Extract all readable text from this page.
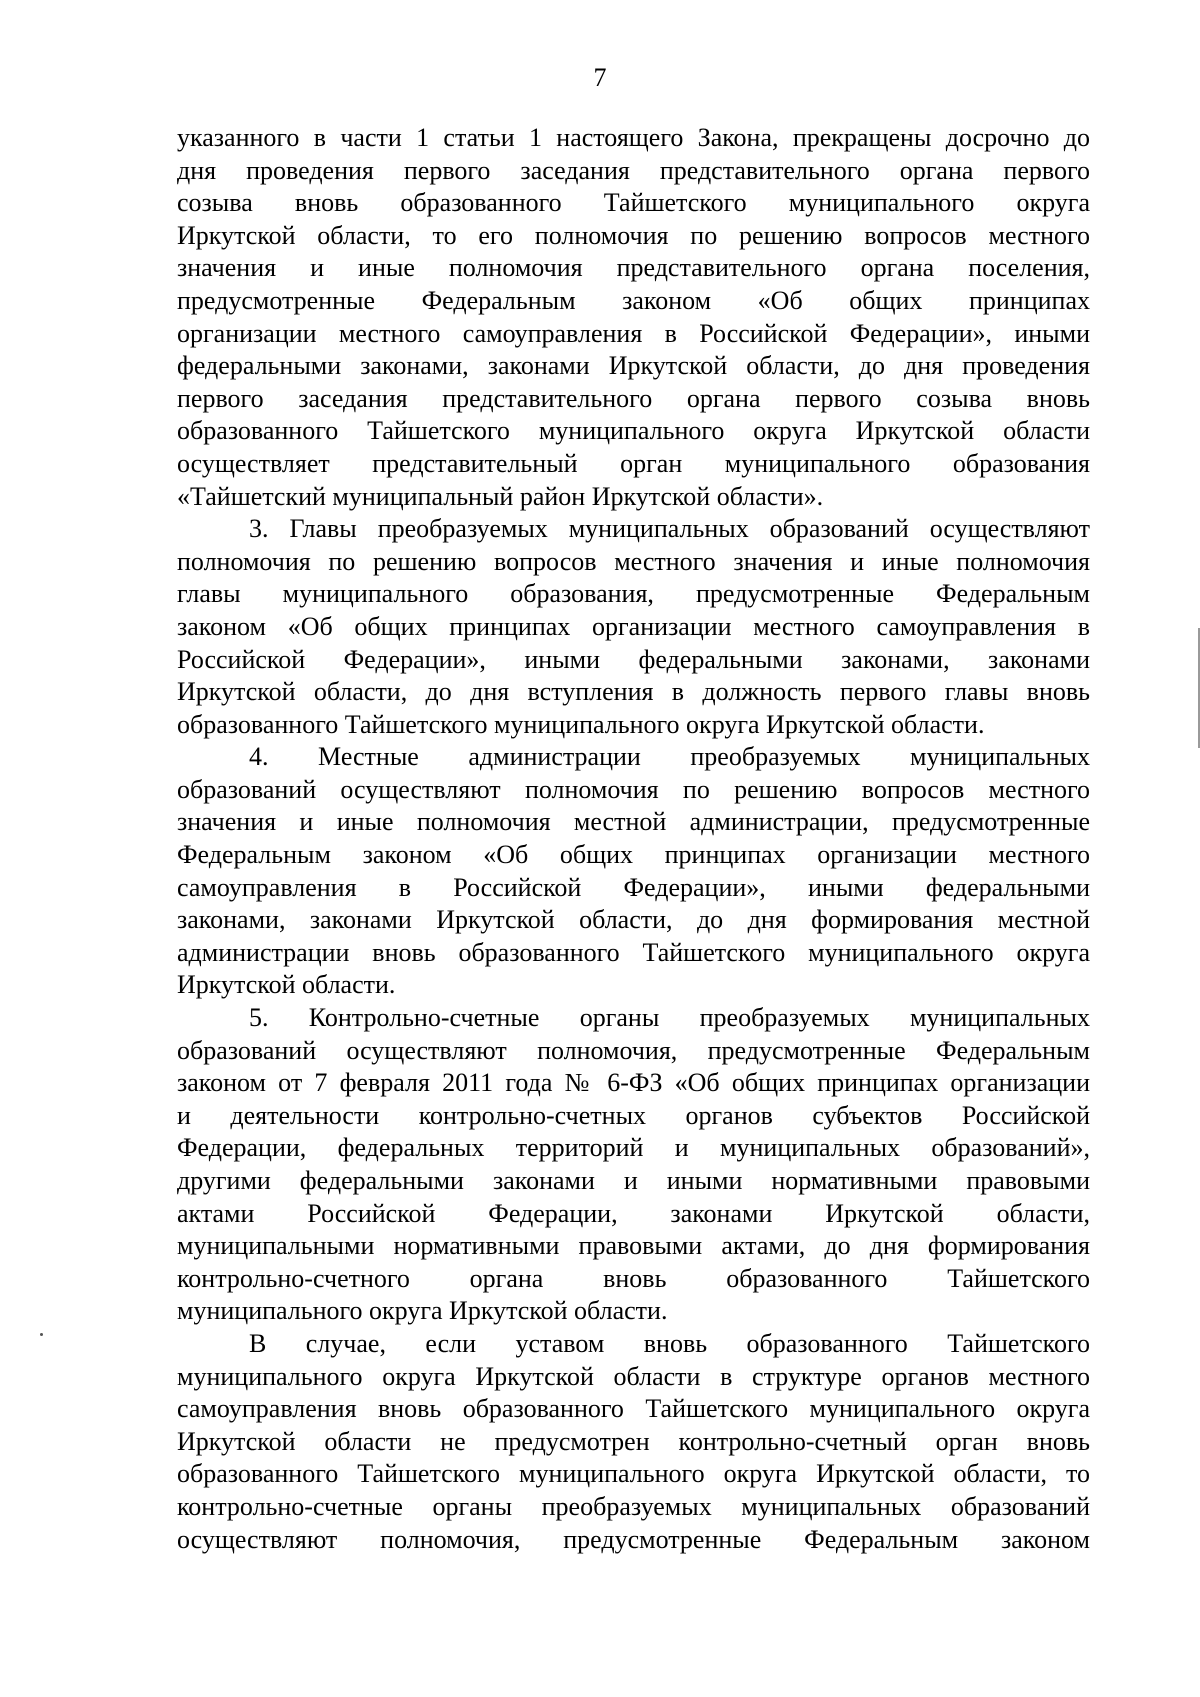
7
указанного в части 1 статьи 1 настоящего Закона, прекращены досрочно до
дня проведения первого заседания представительного органа первого
созыва вновь образованного Тайшетского муниципального округа
Иркутской области, то его полномочия по решению вопросов местного
значения и иные полномочия представительного органа поселения,
предусмотренные Федеральным законом «Об общих принципах
организации местного самоуправления в Российской Федерации», иными
федеральными законами, законами Иркутской области, до дня проведения
первого заседания представительного органа первого созыва вновь
образованного Тайшетского муниципального округа Иркутской области
осуществляет представительный орган муниципального образования
«Тайшетский муниципальный район Иркутской области».
3. Главы преобразуемых муниципальных образований осуществляют
полномочия по решению вопросов местного значения и иные полномочия
главы муниципального образования, предусмотренные Федеральным
законом «Об общих принципах организации местного самоуправления в
Российской Федерации», иными федеральными законами, законами
Иркутской области, до дня вступления в должность первого главы вновь
образованного Тайшетского муниципального округа Иркутской области.
4. Местные администрации преобразуемых муниципальных
образований осуществляют полномочия по решению вопросов местного
значения и иные полномочия местной администрации, предусмотренные
Федеральным законом «Об общих принципах организации местного
самоуправления в Российской Федерации», иными федеральными
законами, законами Иркутской области, до дня формирования местной
администрации вновь образованного Тайшетского муниципального округа
Иркутской области.
5. Контрольно-счетные органы преобразуемых муниципальных
образований осуществляют полномочия, предусмотренные Федеральным
законом от 7 февраля 2011 года № 6-ФЗ «Об общих принципах организации
и деятельности контрольно-счетных органов субъектов Российской
Федерации, федеральных территорий и муниципальных образований»,
другими федеральными законами и иными нормативными правовыми
актами Российской Федерации, законами Иркутской области,
муниципальными нормативными правовыми актами, до дня формирования
контрольно-счетного органа вновь образованного Тайшетского
муниципального округа Иркутской области.
В случае, если уставом вновь образованного Тайшетского
муниципального округа Иркутской области в структуре органов местного
самоуправления вновь образованного Тайшетского муниципального округа
Иркутской области не предусмотрен контрольно-счетный орган вновь
образованного Тайшетского муниципального округа Иркутской области, то
контрольно-счетные органы преобразуемых муниципальных образований
осуществляют полномочия, предусмотренные Федеральным законом
